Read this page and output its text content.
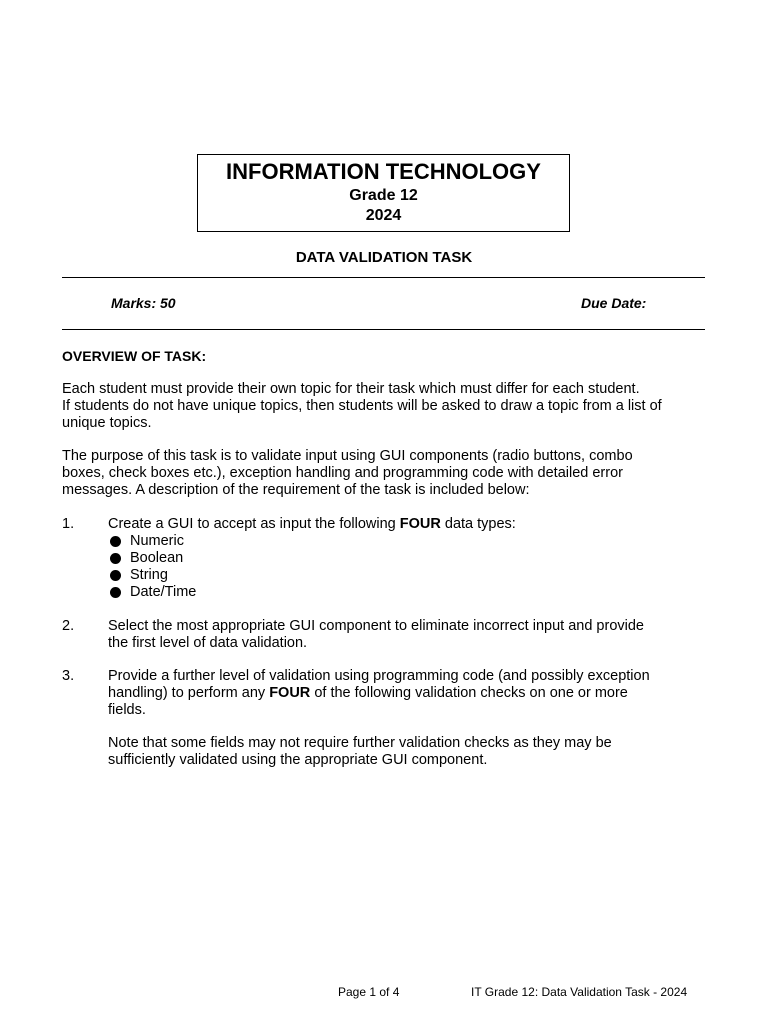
INFORMATION TECHNOLOGY
Grade 12
2024
DATA VALIDATION TASK
Marks: 50	Due Date:
OVERVIEW OF TASK:
Each student must provide their own topic for their task which must differ for each student.
If students do not have unique topics, then students will be asked to draw a topic from a list of
unique topics.
The purpose of this task is to validate input using GUI components (radio buttons, combo
boxes, check boxes etc.), exception handling and programming code with detailed error
messages. A description of the requirement of the task is included below:
1. Create a GUI to accept as input the following FOUR data types:
Numeric
Boolean
String
Date/Time
2. Select the most appropriate GUI component to eliminate incorrect input and provide
the first level of data validation.
3. Provide a further level of validation using programming code (and possibly exception
handling) to perform any FOUR of the following validation checks on one or more
fields.
Note that some fields may not require further validation checks as they may be
sufficiently validated using the appropriate GUI component.
Page 1 of 4	IT Grade 12: Data Validation Task - 2024
